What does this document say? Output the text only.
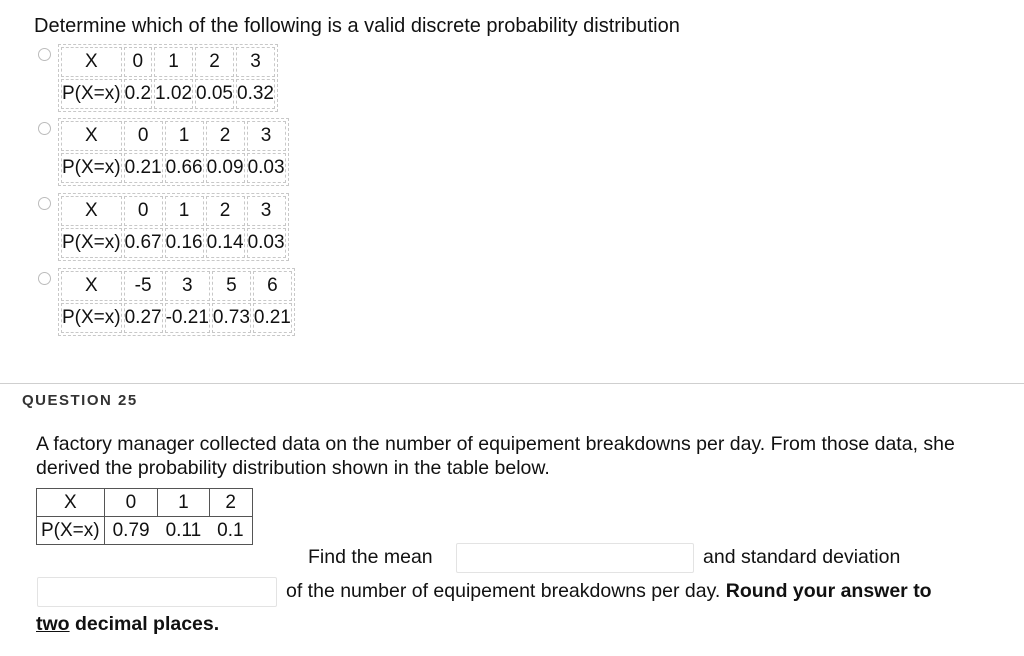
Determine which of the following is a valid discrete probability distribution
X	0	1	2	3
P(X=x)	0.2	1.02	0.05	0.32
X	0	1	2	3
P(X=x)	0.21	0.66	0.09	0.03
X	0	1	2	3
P(X=x)	0.67	0.16	0.14	0.03
X	-5	3	5	6
P(X=x)	0.27	-0.21	0.73	0.21
QUESTION 25
A factory manager collected data on the number of equipement breakdowns per day. From those data, she derived the probability distribution shown in the table below.
X	0	1	2
P(X=x)	0.79	0.11	0.1
Find the mean	and standard deviation
of the number of equipement breakdowns per day. Round your answer to
two decimal places.
